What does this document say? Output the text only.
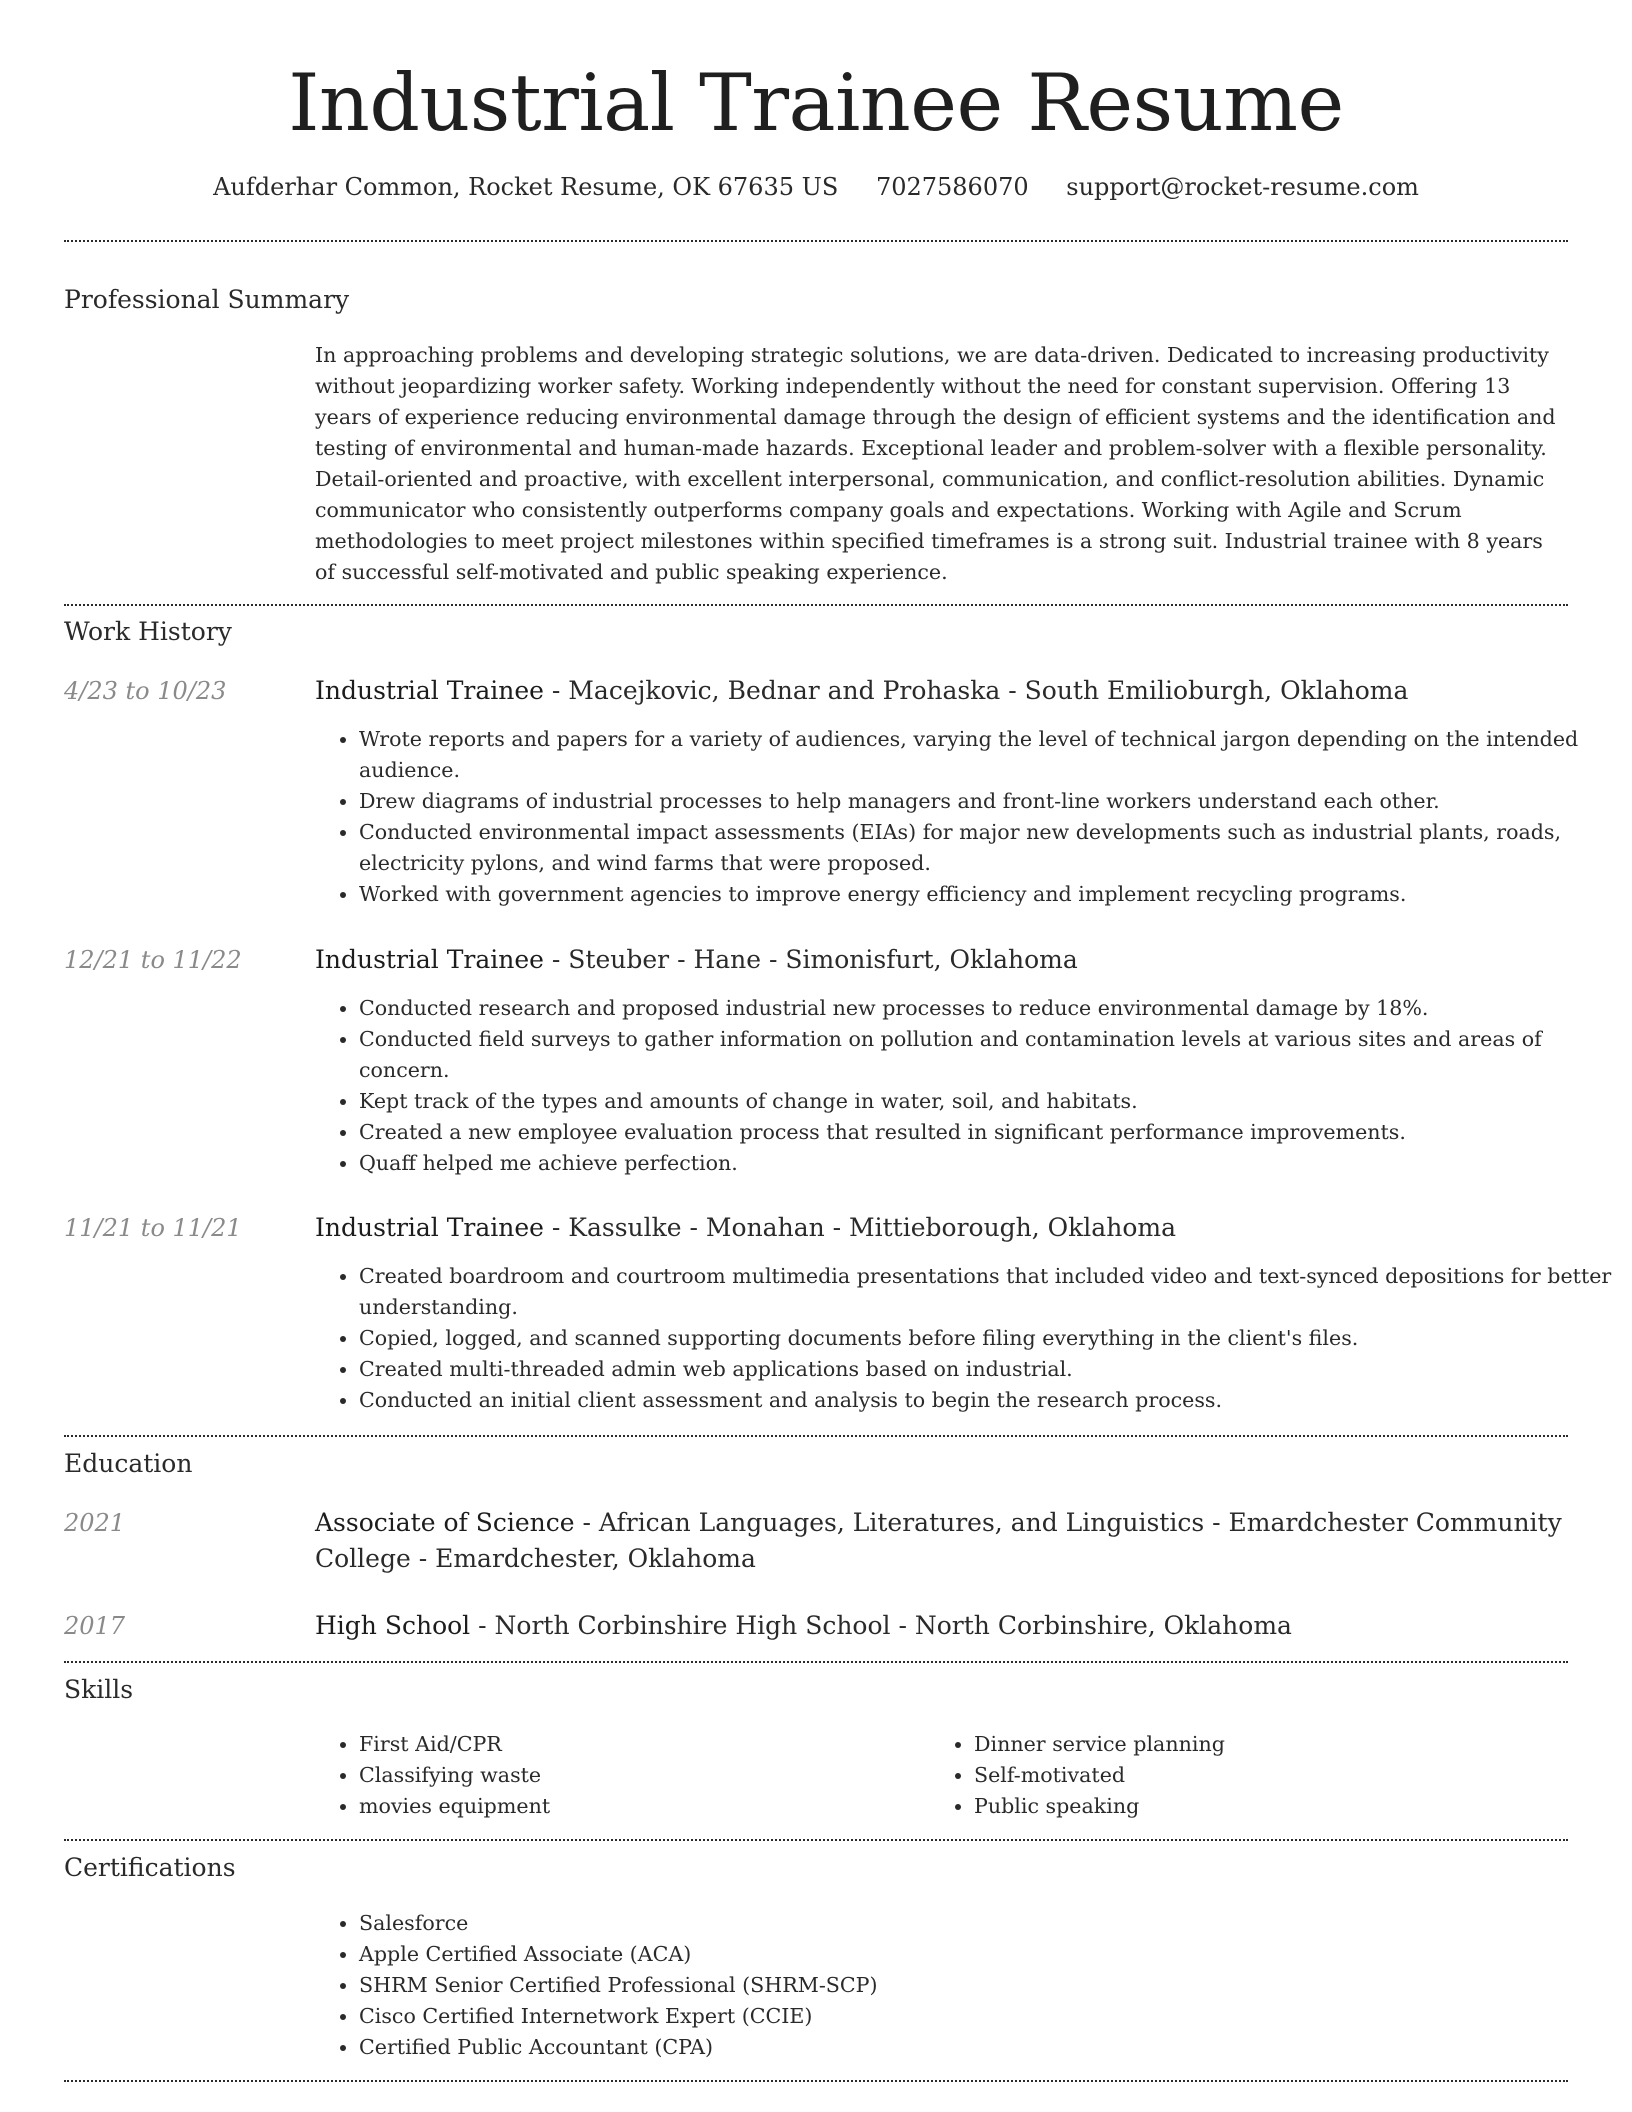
Industrial Trainee Resume
Aufderhar Common, Rocket Resume, OK 67635 US 7027586070 support@rocket-resume.com
Professional Summary

In approaching problems and developing strategic solutions, we are data-driven. Dedicated to increasing productivity without jeopardizing worker safety. Working independently without the need for constant supervision. Offering 13 years of experience reducing environmental damage through the design of efficient systems and the identification and testing of environmental and human-made hazards. Exceptional leader and problem-solver with a flexible personality. Detail-oriented and proactive, with excellent interpersonal, communication, and conflict-resolution abilities. Dynamic communicator who consistently outperforms company goals and expectations. Working with Agile and Scrum methodologies to meet project milestones within specified timeframes is a strong suit. Industrial trainee with 8 years of successful self-motivated and public speaking experience.

Work History
4/23 to 10/23	Industrial Trainee - Macejkovic, Bednar and Prohaska - South Emilioburgh, Oklahoma
• Wrote reports and papers for a variety of audiences, varying the level of technical jargon depending on the intended audience.
• Drew diagrams of industrial processes to help managers and front-line workers understand each other.
• Conducted environmental impact assessments (EIAs) for major new developments such as industrial plants, roads, electricity pylons, and wind farms that were proposed.
• Worked with government agencies to improve energy efficiency and implement recycling programs.
12/21 to 11/22	Industrial Trainee - Steuber - Hane - Simonisfurt, Oklahoma
• Conducted research and proposed industrial new processes to reduce environmental damage by 18%.
• Conducted field surveys to gather information on pollution and contamination levels at various sites and areas of concern.
• Kept track of the types and amounts of change in water, soil, and habitats.
• Created a new employee evaluation process that resulted in significant performance improvements.
• Quaff helped me achieve perfection.
11/21 to 11/21	Industrial Trainee - Kassulke - Monahan - Mittieborough, Oklahoma
• Created boardroom and courtroom multimedia presentations that included video and text-synced depositions for better understanding.
• Copied, logged, and scanned supporting documents before filing everything in the client's files.
• Created multi-threaded admin web applications based on industrial.
• Conducted an initial client assessment and analysis to begin the research process.
Education
2021	Associate of Science - African Languages, Literatures, and Linguistics - Emardchester Community College - Emardchester, Oklahoma
2017	High School - North Corbinshire High School - North Corbinshire, Oklahoma
Skills
• First Aid/CPR
• Classifying waste
• movies equipment
• Dinner service planning
• Self-motivated
• Public speaking
Certifications
• Salesforce
• Apple Certified Associate (ACA)
• SHRM Senior Certified Professional (SHRM-SCP)
• Cisco Certified Internetwork Expert (CCIE)
• Certified Public Accountant (CPA)
